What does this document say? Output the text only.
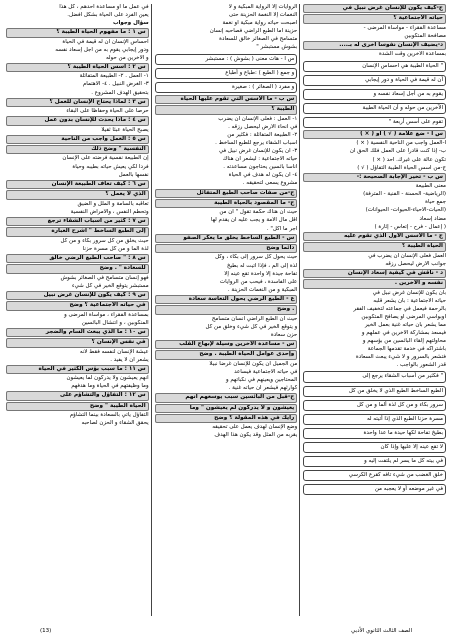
ج-كيف يكون للإنسان غرض نبيل في
حياته الاجتماعية ؟
مساعدة الفقراء - مواساة المرضى -
مصافحة المتكوبين
د-يضيف الإنسان نفوسا أخرى له بـ....
بمساعدة الآخرين وقت الشدة
" الحياة الطيبة هي احساس الإنسان
أن له قيمة في الحياة و دور إيجابي
يقوم به من أجل إسعاد نفسه و
الآخرين من حوله و أن الحياة الطيبة
تقوم على أسس أربعة "
س ا - ضع علامة ( √ ) أو ( × )
أ-العمل واجب من الناحية النفسية ( × )
ب- إذا كنت قادرا على العمل فلك الحق أن
تكون عالة على غيرك. أحد ( × )
ج-من أسس الحياة الطيبة التفاؤل ( √ )
س ب - تخير الإجابة الصحيحة :-
معنى الطبيعة
(الرياضية- الحسنة - الفنية - المترفة)
جمع حياة
(الحيات-الاحياء-الحيوات- الحيوانات)
مضاد إسعاد
( إعمال - فرح - إتعاس - إثارة )
ج - ما الأسس الأول الذي تقوم عليه
الحياة الطيبة ؟
العمل فعلى الإنسان أن يضرب في
جوانب الأرض ليحصل رزقه
د - ناقش في كيفية إسعاد الإنسان
نفسه و الآخرين .
بأن يكون للإنسان غرض نبيل في
حياته الاجتماعية : بأن يشعر قلبه
بالرحمة فيعمل في جماعته لتخفيف الفقر
أوبواسي المرضى أو يصافح المتكوبين
مما يشعر بأن حياته غنية بعمل الخير
فيسعد بمشاركة الآخرين في عملهم و
محاولتهم إلقاء البائسين من بؤسهم و
باشتراكه في خدمة تقدمها الجماعة
فتشعر بالسرور و لا شيء يبعث السعادة
قدر الشعور بالواجب .
" فكثير من أسباب الشقاء يرجع إلى
الطبع الساخط الطبع الذي لا يخلق من كل
سرور بكاء و من كل لذة ألما و من كل
مسرة حزنا الطبع الذي إذا أتيته له
بطيخ تفاحة لكها حيدة ما عدا واحدة
لا تقع عينه إلا عليها وإذا كان
في بيته كل ما يسر لم يلتفت إليه و
خلق الغضب من شيء تافه كقرع الكرسي
في غير موضعه أو لا يعجبه من
الروايات إلا الرواية المبكية و لا
النغمات إلا النغمة الحزينة حتى
أصبحت حياته رواية مبكية أو نغمة
حزينة أما الطبع الراضي فصاحبه إنسان
متسامح في الصغائر خالق للسعادة
بشوش مستبشر "
س ا - هات معنى ( بشوش ) : مستبشر
و جمع ( الطبع ) :طباع و أطباع
و مفرد ( الصغائر ) : صغيرة
س ب - ما الأسس التي تقوم عليها الحياة
الطيبة ؟
١- العمل : فعلى الإنسان أن يضرب
في أنحاء الأرض ليحصل رزقه .
٢- الطبيعة المتفائلة : فكثير من
أسباب الشقاء يرجع للطبع الساخط .
٣- أن يكون للإنسان غرض نبيل في
حياته الاجتماعية : ليشعر أن هناك
أناسا بائسين يحتاجون مساعدته .
٤- أن يكون له هدف في الحياة
مشروع يسعى لتحقيقه .
ج-من صفات صاحب الطبع المتفائل
ج- ما المقصود بالحياة الطيبة
حيث أن هناك حكمة تقول " أن من
أقل مال الأمة و يجب عليه أن يقدم لها
أجر ما أكل" .
س - الطبع الساخط يخلق ما يعكر الصفو
دائما وضح
حيث يحول كل سرور إلى بكاء ، وكل
لذة إلى ألم ، فإذا أتيت له بطيخ
تفاحة جيدة إلا واحدة تقع عينه إلا
على الفاسدة ، فيحب من الروايات
المبكية و من النغمات الحزينة .
ع - الطبع الرضي يحول التعاسة سعادة
. وضح
حيث أن الطبع الراضي انسان متسامح
و يتوقع الخير في كل شيء وخلق من كل
حزن سعادة
س - مساعدة الآخرين وسيلة لإبهاج القلب
وإحدى عوامل الحياة الطيبة . وضح
من الجميل أن يكون للإنسان غرضا نبيلا
في حياته الاجتماعية فيساعد
المحتاجين ويعينهم في نكباتهم و
كوارثهم فيشعر أن حياته غنية .
ج-قبل من البائسين سبب يوسعهم انهم
يعيشون و لا يدركون لم يعيشون " وما
رأيك في هذه المقولة ؟ وضح
وضع الإنسان لهدف يعمل على تحقيقه
يقربه من المثل وقد يكون هذا الهدف
في عمل ما أو مساعدة أحدهم ، كل هذا
يعين الفرد على الحياة بشكل أفضل.
سؤال وجواب
س ١ : ما مفهوم الحياة الطيبة ؟
احساس الإنسان أن له قيمة في الحياة
ودور إيجابي يقوم به من أجل إسعاد نفسه
و الآخرين من حوله
س ٢ : أسس الحياة الطيبة ؟
١- العمل . ٢- الطبيعة المتفائلة
٣- الغرض النبيل . ٤- الاهتمام
بتحقيق الهدف المشروع .
س ٣ : لماذا يحتاج الإنسان للعمل ؟
حرصا على الحياة وحفاظا على البقاء
س ٤ : ماذا يحدث للإنسان بدون عمل
يصبح الحياة عبئا ثقيلا
س ٥ : العمل واجب من الناحية
النفسية " وضح ذلك
إن الطبيعة نفسية فرضته على الإنسان
فردا لكي يعيش حياته بطيبه وحياة
نفسها بالعمل
س ٦ : كيف تعاف الطبيعة الإنسان
الذي لا يعمل ؟
تعاقبه بالسأمة و الملل و الضيق
وتحطم النفس ، والأمراض النفسية
س ٧ : كثير من أسباب الشقاء ترجع
إلى الطبع الساخط " اشرح العبارة
حيث يخلق من كل سرور بكاء و من كل
لذة ألما و من كل مسرة حزنا
س ٨ : " صاحب الطبع الرضي خالق
للسعادة " . وضح
فهو إنسان متسامح في الصغائر بشوش
مستبشر يتوقع الخير في كل شيء
س ٩ : كيف يكون للإنسان غرض نبيل
في حياته الاجتماعية ؟ وضح
بمساعدة الفقراء ، مواساة المرضى و
المنكوبين ، و انتشال البائسين
س ١٠ : ما الذي يبعث السأم والضجر
في نفس الإنسان ؟
عيشة الإنسان لنفسه فقط لأنه
يشعر أن لا يفيد .
س ١١ : ما سبب بؤس الكثير في الحياة
أنهم يعيشون ولا يدركون لما يعيشون
وما وظيفتهم في الحياة وما هدفهم
س ١٢ : التفاؤل والتشاؤم على
الحياة الطيبة " وضح
التفاؤل يأتي بالسعادة بينما التشاؤم
يحقق الشقاء و الحزن لصاحبه
الصف الثالث الثانوي الأدبي
(13)
